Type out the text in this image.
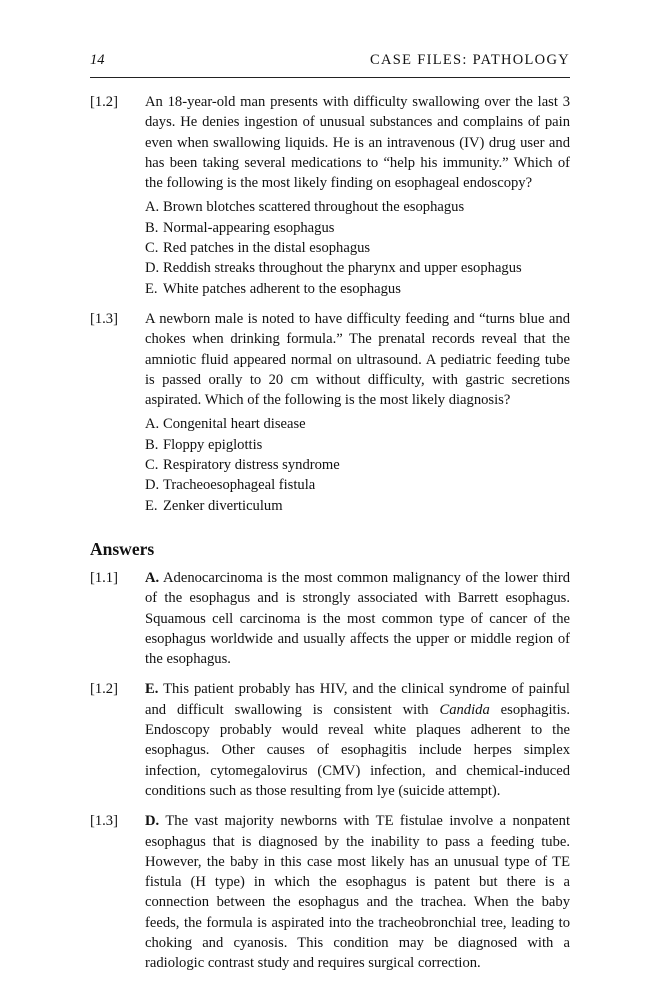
14	CASE FILES: PATHOLOGY
[1.2] An 18-year-old man presents with difficulty swallowing over the last 3 days. He denies ingestion of unusual substances and complains of pain even when swallowing liquids. He is an intravenous (IV) drug user and has been taking several medications to “help his immunity.” Which of the following is the most likely finding on esophageal endoscopy?
A. Brown blotches scattered throughout the esophagus
B. Normal-appearing esophagus
C. Red patches in the distal esophagus
D. Reddish streaks throughout the pharynx and upper esophagus
E. White patches adherent to the esophagus
[1.3] A newborn male is noted to have difficulty feeding and “turns blue and chokes when drinking formula.” The prenatal records reveal that the amniotic fluid appeared normal on ultrasound. A pediatric feeding tube is passed orally to 20 cm without difficulty, with gastric secretions aspirated. Which of the following is the most likely diagnosis?
A. Congenital heart disease
B. Floppy epiglottis
C. Respiratory distress syndrome
D. Tracheoesophageal fistula
E. Zenker diverticulum
Answers
[1.1] A. Adenocarcinoma is the most common malignancy of the lower third of the esophagus and is strongly associated with Barrett esophagus. Squamous cell carcinoma is the most common type of cancer of the esophagus worldwide and usually affects the upper or middle region of the esophagus.
[1.2] E. This patient probably has HIV, and the clinical syndrome of painful and difficult swallowing is consistent with Candida esophagitis. Endoscopy probably would reveal white plaques adherent to the esophagus. Other causes of esophagitis include herpes simplex infection, cytomegalovirus (CMV) infection, and chemical-induced conditions such as those resulting from lye (suicide attempt).
[1.3] D. The vast majority newborns with TE fistulae involve a nonpatent esophagus that is diagnosed by the inability to pass a feeding tube. However, the baby in this case most likely has an unusual type of TE fistula (H type) in which the esophagus is patent but there is a connection between the esophagus and the trachea. When the baby feeds, the formula is aspirated into the tracheobronchial tree, leading to choking and cyanosis. This condition may be diagnosed with a radiologic contrast study and requires surgical correction.
